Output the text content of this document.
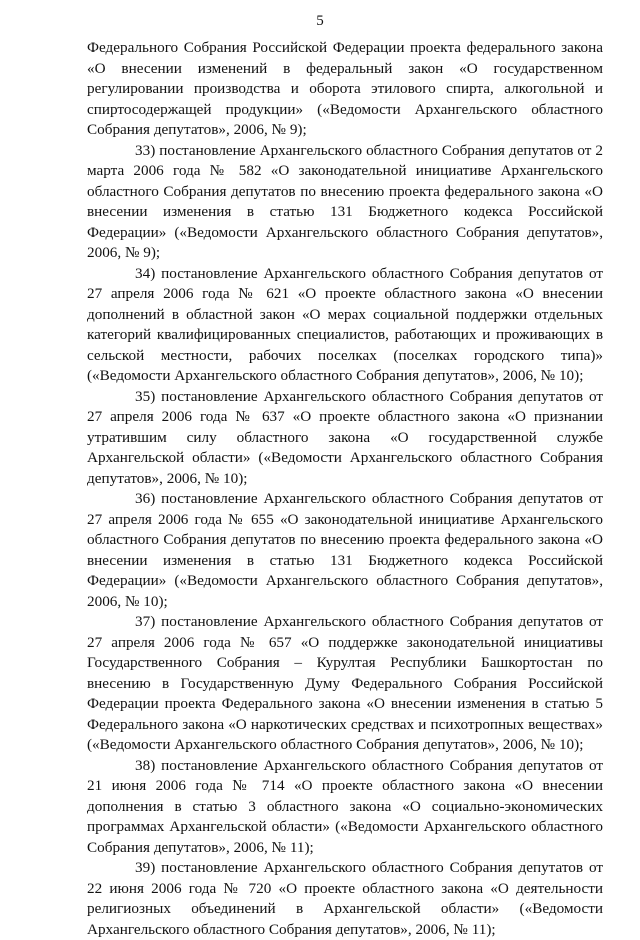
5

Федерального Собрания Российской Федерации проекта федерального закона «О внесении изменений в федеральный закон «О государственном регулировании производства и оборота этилового спирта, алкогольной и спиртосодержащей продукции» («Ведомости Архангельского областного Собрания депутатов», 2006, № 9);

33) постановление Архангельского областного Собрания депутатов от 2 марта 2006 года № 582 «О законодательной инициативе Архангельского областного Собрания депутатов по внесению проекта федерального закона «О внесении изменения в статью 131 Бюджетного кодекса Российской Федерации» («Ведомости Архангельского областного Собрания депутатов», 2006, № 9);

34) постановление Архангельского областного Собрания депутатов от 27 апреля 2006 года № 621 «О проекте областного закона «О внесении дополнений в областной закон «О мерах социальной поддержки отдельных категорий квалифицированных специалистов, работающих и проживающих в сельской местности, рабочих поселках (поселках городского типа)» («Ведомости Архангельского областного Собрания депутатов», 2006, № 10);

35) постановление Архангельского областного Собрания депутатов от 27 апреля 2006 года № 637 «О проекте областного закона «О признании утратившим силу областного закона «О государственной службе Архангельской области» («Ведомости Архангельского областного Собрания депутатов», 2006, № 10);

36) постановление Архангельского областного Собрания депутатов от 27 апреля 2006 года № 655 «О законодательной инициативе Архангельского областного Собрания депутатов по внесению проекта федерального закона «О внесении изменения в статью 131 Бюджетного кодекса Российской Федерации» («Ведомости Архангельского областного Собрания депутатов», 2006, № 10);

37) постановление Архангельского областного Собрания депутатов от 27 апреля 2006 года № 657 «О поддержке законодательной инициативы Государственного Собрания – Курултая Республики Башкортостан по внесению в Государственную Думу Федерального Собрания Российской Федерации проекта Федерального закона «О внесении изменения в статью 5 Федерального закона «О наркотических средствах и психотропных веществах» («Ведомости Архангельского областного Собрания депутатов», 2006, № 10);

38) постановление Архангельского областного Собрания депутатов от 21 июня 2006 года № 714 «О проекте областного закона «О внесении дополнения в статью 3 областного закона «О социально-экономических программах Архангельской области» («Ведомости Архангельского областного Собрания депутатов», 2006, № 11);

39) постановление Архангельского областного Собрания депутатов от 22 июня 2006 года № 720 «О проекте областного закона «О деятельности религиозных объединений в Архангельской области» («Ведомости Архангельского областного Собрания депутатов», 2006, № 11);
